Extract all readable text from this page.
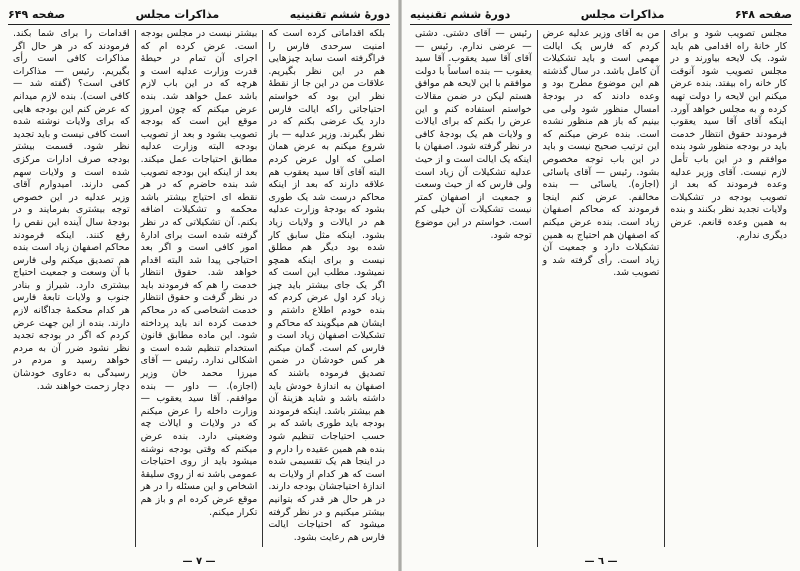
دورهٔ ششم تقنینیه
مذاکرات مجلس
صفحه ۶۴۹

بلکه اقداماتی کرده است که امنیت سرحدی فارس را فراگرفته است ساید چیزهایی هم در این نظر بگیریم. علاقات من در این جا از نقطهٔ نظر این بود که خواستم احتیاجاتی راکه ایالت فارس دارد یک عرضی بکنم که در نظر بگیرند. وزیر عدلیه — باز شروع میکنم به عرض همان اصلی که اول عرض کردم البته آقای آقا سید یعقوب هم علاقه دارند که بعد از اینکه محاکم درست شد یک طوری بشود که بودجهٔ وزارت عدلیه هم در ایالات و ولایات زیاد بشود. اینکه مثل سابق کار شده بود دیگر هم مطلق نیست و برای اینکه همچو نمیشود. مطلب این است که اگر یک جای بیشتر باید چیز زیاد کرد اول عرض کردم که بنده خودم اطلاع داشتم و ایشان هم میگویند که محاکم و تشکیلات اصفهان زیاد است و فارس کم است. گمان میکنم هر کس خودشان در ضمن تصدیق فرموده باشند که اصفهان به اندازهٔ خودش باید داشته باشد و شاید هزینهٔ آن هم بیشتر باشد. اینکه فرمودند بودجه باید طوری باشد که بر حسب احتیاجات تنظیم شود بنده هم همین عقیده را دارم و در اینجا هم یک تقسیمی شده است که هر کدام از ولایات به اندازهٔ احتیاجشان بودجه دارند. در هر حال هر قدر که بتوانیم بیشتر میکنیم و در نظر گرفته میشود که احتیاجات ایالت فارس هم رعایت بشود.

بیشتر نیست در مجلس بودجه است. عرض کرده ام که اجرای آن تمام در حیطهٔ قدرت وزارت عدلیه است و هرچه که در این باب لازم باشد عمل خواهد شد. بنده عرض میکنم که چون امروز موقع این است که بودجه تصویب بشود و بعد از تصویب بودجه البته وزارت عدلیه مطابق احتیاجات عمل میکند. بعد از اینکه این بودجه تصویب شد بنده حاضرم که در هر نقطه ای احتیاج بیشتر باشد محکمه و تشکیلات اضافه بکنم. آن تشکیلاتی که در نظر گرفته شده است برای ادارهٔ امور کافی است و اگر بعد احتیاجی پیدا شد البته اقدام خواهد شد. حقوق انتظار خدمت را هم که فرمودند باید در نظر گرفت و حقوق انتظار خدمت اشخاصی که در محاکم خدمت کرده اند باید پرداخته شود. این ماده مطابق قانون استخدام تنظیم شده است و اشکالی ندارد. رئیس — آقای میرزا محمد خان وزیر (اجازه). — داور — بنده موافقم. آقا سید یعقوب — وزارت داخله را عرض میکنم که در ولایات و ایالات چه وضعیتی دارد. بنده عرض میکنم که وقتی بودجه نوشته میشود باید از روی احتیاجات عمومی باشد نه از روی سلیقهٔ اشخاص و این مسئله را در هر موقع عرض کرده ام و باز هم تکرار میکنم.

اقدامات را برای شما بکند. فرمودند که در هر حال اگر مذاکرات کافی است رأی بگیریم. رئیس — مذاکرات کافی است؟ (گفته شد — کافی است). بنده لازم میدانم که عرض کنم این بودجه هایی که برای ولایات نوشته شده است کافی نیست و باید تجدید نظر شود. قسمت بیشتر بودجه صرف ادارات مرکزی شده است و ولایات سهم کمی دارند. امیدوارم آقای وزیر عدلیه در این خصوص توجه بیشتری بفرمایند و در بودجهٔ سال آینده این نقص را رفع کنند. اینکه فرمودند محاکم اصفهان زیاد است بنده هم تصدیق میکنم ولی فارس با آن وسعت و جمعیت احتیاج بیشتری دارد. شیراز و بنادر جنوب و ولایات تابعهٔ فارس هر کدام محکمهٔ جداگانه لازم دارند. بنده از این جهت عرض کردم که اگر در بودجه تجدید نظر نشود ضرر آن به مردم خواهد رسید و مردم در رسیدگی به دعاوی خودشان دچار زحمت خواهند شد.

— ٧ —
صفحه ۶۴۸
مذاکرات مجلس
دورهٔ ششم تقنینیه

مجلس تصویب شود و برای کار خانهٔ راه اقدامی هم باید شود. یک لایحه بیاورند و در مجلس تصویب شود آنوقت کار خانه راه بیفتد. بنده عرض میکنم این لایحه را دولت تهیه کرده و به مجلس خواهد آورد. اینکه آقای آقا سید یعقوب فرمودند حقوق انتظار خدمت باید در بودجه منظور شود بنده موافقم و در این باب تأمل لازم نیست. آقای وزیر عدلیه وعده فرمودند که بعد از تصویب بودجه در تشکیلات ولایات تجدید نظر بکنند و بنده به همین وعده قانعم. عرض دیگری ندارم.

من به آقای وزیر عدلیه عرض کردم که فارس یک ایالت مهمی است و باید تشکیلات آن کامل باشد. در سال گذشته هم این موضوع مطرح بود و وعده دادند که در بودجهٔ امسال منظور شود ولی می بینیم که باز هم منظور نشده است. بنده عرض میکنم که این ترتیب صحیح نیست و باید در این باب توجه مخصوص بشود. رئیس — آقای یاسائی (اجازه). یاسائی — بنده مخالفم. عرض کنم اینجا فرمودند که محاکم اصفهان زیاد است. بنده عرض میکنم که اصفهان هم احتیاج به همین تشکیلات دارد و جمعیت آن زیاد است. رأی گرفته شد و تصویب شد.

رئیس — آقای دشتی. دشتی — عرضی ندارم. رئیس — آقای آقا سید یعقوب. آقا سید یعقوب — بنده اساساً با دولت موافقم با این لایحه هم موافق هستم لیکن در ضمن مقالات خواستم استفاده کنم و این عرض را بکنم که برای ایالات و ولایات هم یک بودجهٔ کافی در نظر گرفته شود. اصفهان با اینکه یک ایالت است و از حیث عدلیه تشکیلات آن زیاد است ولی فارس که از حیث وسعت و جمعیت از اصفهان کمتر نیست تشکیلات آن خیلی کم است. خواستم در این موضوع توجه شود.

— ٦ —
